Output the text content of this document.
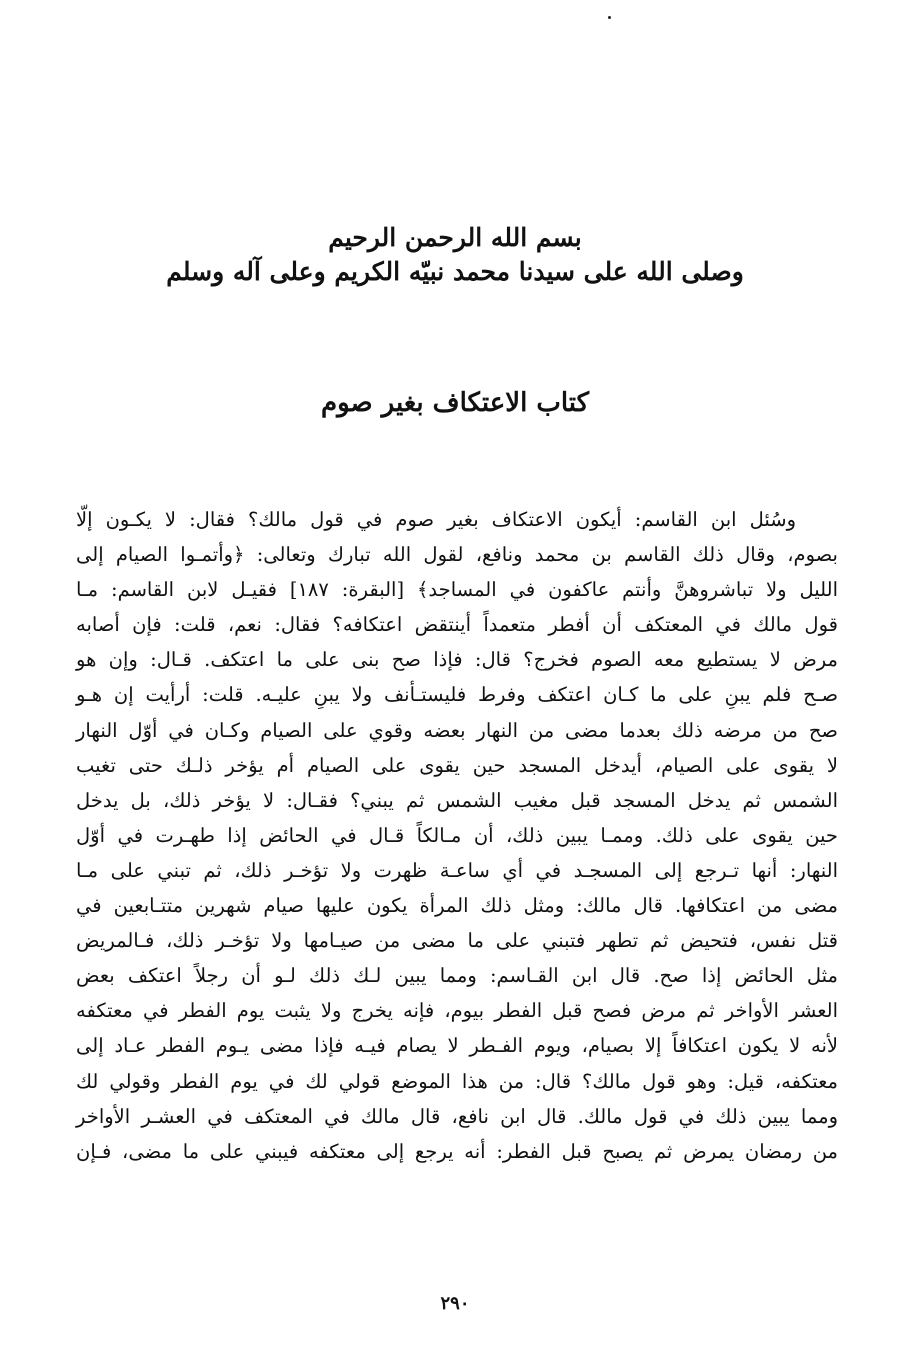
بسم الله الرحمن الرحيم
وصلى الله على سيدنا محمد نبيّه الكريم وعلى آله وسلم
كتاب الاعتكاف بغير صوم
وسُئل ابن القاسم: أيكون الاعتكاف بغير صوم في قول مالك؟ فقال: لا يكـون إلّا
بصوم، وقال ذلك القاسم بن محمد ونافع، لقول الله تبارك وتعالى: ﴿وأتمـوا الصيام إلى
الليل ولا تباشروهنَّ وأنتم عاكفون في المساجد﴾ [البقرة: ١٨٧] فقيـل لابن القاسم: مـا
قول مالك في المعتكف أن أفطر متعمداً أينتقض اعتكافه؟ فقال: نعم، قلت: فإن أصابه
مرض لا يستطيع معه الصوم فخرج؟ قال: فإذا صح بنى على ما اعتكف. قـال: وإن هو
صـح فلم يبنِ على ما كـان اعتكف وفرط فليستـأنف ولا يبنِ عليـه. قلت: أرأيت إن هـو
صح من مرضه ذلك بعدما مضى من النهار بعضه وقوي على الصيام وكـان في أوّل النهار
لا يقوى على الصيام، أيدخل المسجد حين يقوى على الصيام أم يؤخر ذلـك حتى تغيب
الشمس ثم يدخل المسجد قبل مغيب الشمس ثم يبني؟ فقـال: لا يؤخر ذلك، بل يدخل
حين يقوى على ذلك. وممـا يبين ذلك، أن مـالكاً قـال في الحائض إذا طهـرت في أوّل
النهار: أنها تـرجع إلى المسجـد في أي ساعـة ظهرت ولا تؤخـر ذلك، ثم تبني على مـا
مضى من اعتكافها. قال مالك: ومثل ذلك المرأة يكون عليها صيام شهرين متتـابعين في
قتل نفس، فتحيض ثم تطهر فتبني على ما مضى من صيـامها ولا تؤخـر ذلك، فـالمريض
مثل الحائض إذا صح. قال ابن القـاسم: ومما يبين لـك ذلك لـو أن رجلاً اعتكف بعض
العشر الأواخر ثم مرض فصح قبل الفطر بيوم، فإنه يخرج ولا يثبت يوم الفطر في معتكفه
لأنه لا يكون اعتكافاً إلا بصيام، ويوم الفـطر لا يصام فيـه فإذا مضى يـوم الفطر عـاد إلى
معتكفه، قيل: وهو قول مالك؟ قال: من هذا الموضع قولي لك في يوم الفطر وقولي لك
ومما يبين ذلك في قول مالك. قال ابن نافع، قال مالك في المعتكف في العشـر الأواخر
من رمضان يمرض ثم يصبح قبل الفطر: أنه يرجع إلى معتكفه فيبني على ما مضى، فـإن
٢٩٠
